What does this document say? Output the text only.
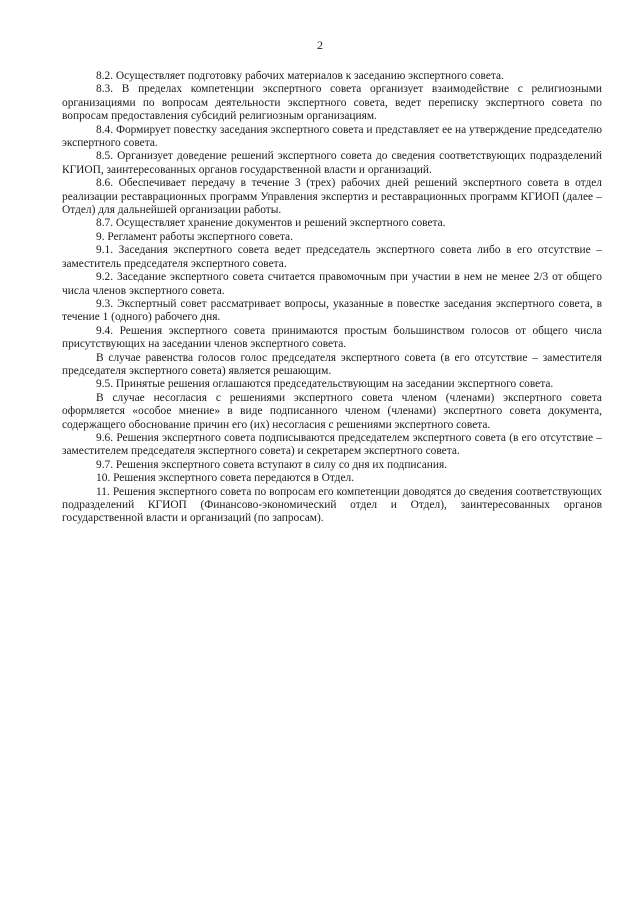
2

8.2. Осуществляет подготовку рабочих материалов к заседанию экспертного совета.

8.3. В пределах компетенции экспертного совета организует взаимодействие с религиозными организациями по вопросам деятельности экспертного совета, ведет переписку экспертного совета по вопросам предоставления субсидий религиозным организациям.

8.4. Формирует повестку заседания экспертного совета и представляет ее на утверждение председателю экспертного совета.

8.5. Организует доведение решений экспертного совета до сведения соответствующих подразделений КГИОП, заинтересованных органов государственной власти и организаций.

8.6. Обеспечивает передачу в течение 3 (трех) рабочих дней решений экспертного совета в отдел реализации реставрационных программ Управления экспертиз и реставрационных программ КГИОП (далее – Отдел) для дальнейшей организации работы.

8.7. Осуществляет хранение документов и решений экспертного совета.

9. Регламент работы экспертного совета.

9.1. Заседания экспертного совета ведет председатель экспертного совета либо в его отсутствие – заместитель председателя экспертного совета.

9.2. Заседание экспертного совета считается правомочным при участии в нем не менее 2/3 от общего числа членов экспертного совета.

9.3. Экспертный совет рассматривает вопросы, указанные в повестке заседания экспертного совета, в течение 1 (одного) рабочего дня.

9.4. Решения экспертного совета принимаются простым большинством голосов от общего числа присутствующих на заседании членов экспертного совета.

В случае равенства голосов голос председателя экспертного совета (в его отсутствие – заместителя председателя экспертного совета) является решающим.

9.5. Принятые решения оглашаются председательствующим на заседании экспертного совета.

В случае несогласия с решениями экспертного совета членом (членами) экспертного совета оформляется «особое мнение» в виде подписанного членом (членами) экспертного совета документа, содержащего обоснование причин его (их) несогласия с решениями экспертного совета.

9.6. Решения экспертного совета подписываются председателем экспертного совета (в его отсутствие – заместителем председателя экспертного совета) и секретарем экспертного совета.

9.7. Решения экспертного совета вступают в силу со дня их подписания.

10. Решения экспертного совета передаются в Отдел.

11. Решения экспертного совета по вопросам его компетенции доводятся до сведения соответствующих подразделений КГИОП (Финансово-экономический отдел и Отдел), заинтересованных органов государственной власти и организаций (по запросам).
